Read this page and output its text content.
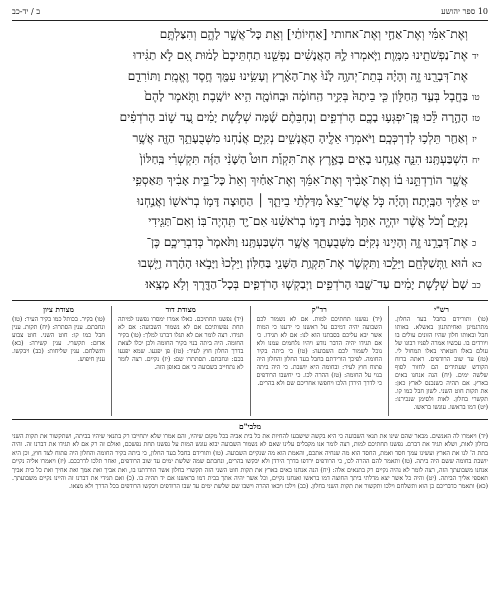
10 ספר יהושע
ב / יד-כב
וְאֶת־אִמִּ֡י וְאֶת־אַחַ֣י וְאֶת־אחותי [אַחְיוֹתַ֔י] וְאֵ֖ת כָּל־אֲשֶׁ֣ר לָהֶ֑ם וְהִצַּלְתֶּ֥ם
יד
אֶת־נַפְשֹׁתֵ֖ינוּ מִמָּֽוֶת׃ וַיֹּ֧אמְרוּ לָ֣הּ הָאֲנָשִׁ֗ים נַפְשֵׁ֤נוּ תַחְתֵּיכֶם֙ לָמ֔וּת אִ֚ם לֹ֣א תַגִּ֔ידוּ
אֶת־דְּבָרֵ֖נוּ זֶ֑ה וְהָיָ֗ה בְּתֵת־יְהוָ֥ה לָ֙נוּ֙ אֶת־הָאָ֔רֶץ וְעָשִׂ֥ינוּ עִמָּ֖ךְ חֶ֥סֶד וֶאֱמֶֽת׃ וַתּוֹרִדֵ֛ם
טו
בַּחֶ֖בֶל בְּעַ֣ד הַֽחַלּ֑וֹן כִּ֤י בֵיתָהּ֙ בְּקִ֣יר הַֽחוֹמָ֔ה וּבַֽחוֹמָ֖ה הִ֥יא יוֹשָֽׁבֶת׃ וַתֹּ֤אמֶר לָהֶם֙
טז
הָהָ֣רָה לֵּ֔כוּ פֶּֽן־יִפְגְּע֥וּ בָכֶ֖ם הָרֹדְפִ֑ים וְנַחְבֵּתֶ֨ם שָׁ֜מָּה שְׁלֹ֣שֶׁת יָמִ֗ים עַ֚ד שׁ֣וֹב הָרֹדְפִ֔ים
יז
וְאַחַ֖ר תֵּלְכ֥וּ לְדַרְכְּכֶֽם׃ וַיֹּאמְר֥וּ אֵלֶ֖יהָ הָאֲנָשִׁ֑ים נְקִיִּ֣ם אֲנַ֔חְנוּ מִשְּׁבֻעָתֵ֥ךְ הַזֶּ֖ה אֲשֶׁ֥ר
יח
הִשְׁבַּעְתָּֽנוּ׃ הִנֵּ֛ה אֲנַ֥חְנוּ בָאִ֖ים בָּאָ֑רֶץ אֶת־תִּקְוַ֡ת חוּט֩ הַשָּׁנִ֨י הַזֶּ֜ה תִּקְשְׁרִ֗י בַּֽחַלּוֹן֙
אֲשֶׁ֣ר הוֹרַדְתֵּ֣נוּ ב֔וֹ וְאֶת־אָבִ֨יךְ וְאֶת־אִמֵּ֜ךְ וְאֶת־אַחַ֗יִךְ וְאֵת֙ כָּל־בֵּ֣ית אָבִ֔יךְ תַּאַסְפִ֥י
יט
אֵלַ֖יִךְ הַבָּֽיְתָה׃ וְהָיָ֡ה כֹּ֣ל אֲשֶׁר־יֵצֵא֩ מִדַּלְתֵ֨י בֵיתֵ֧ךְ ׀ הַח֛וּצָה דָּמ֥וֹ בְרֹאשׁ֖וֹ וַאֲנַ֣חְנוּ
נְקִיִּ֑ם וְ֠כֹל אֲשֶׁ֨ר יִהְיֶ֤ה אִתָּךְ֙ בַּבַּ֔יִת דָּמ֣וֹ בְרֹאשֵׁ֔נוּ אִם־יָ֖ד תִּֽהְיֶה־בּֽוֹ׃ וְאִם־תַּגִּ֖ידִי
כ
אֶת־דְּבָרֵ֣נוּ זֶ֑ה וְהָיִ֣ינוּ נְקִיִּ֔ם מִשְּׁבֻעָתֵ֖ךְ אֲשֶׁ֥ר הִשְׁבַּעְתָּֽנוּ׃ וַתֹּ֙אמֶר֙ כְּדִבְרֵיכֶ֣ם כֶּן־
כא
ה֔וּא וַֽתְּשַׁלְּחֵ֖ם וַיֵּלֵ֑כוּ וַתִּקְשֹׁ֛ר אֶת־תִּקְוַ֥ת הַשָּׁנִ֖י בַּחַלּֽוֹן׃ וַיֵּלְכוּ֙ וַיָּבֹ֣אוּ הָהָ֔רָה וַיֵּ֤שְׁבוּ
כב
שָׁם֙ שְׁלֹ֣שֶׁת יָמִ֔ים עַד־שָׁ֖בוּ הָרֹדְפִ֑ים וַיְבַקְשׁ֧וּ הָרֹדְפִ֛ים בְּכָל־הַדֶּ֖רֶךְ וְלֹ֥א מָצָֽאוּ׃
רש"י
(טו) ותורידם בחבל בעד החלון. מתרגמינן ואחיתתנון באשלא. באותו חבל ובאותו חלון שהיו הזונים עולים בו ויורדים בו. עכשיו אמרה לפניו רבונו של עולם באלו חטאתי באלו תמחול לי. (טז) עד שוב הרודפים. ראתה ברוח הקודש שעתידים הם לחזור לסוף שלשה ימים. (יח) הנה אנחנו באים בארץ. אם תהיה כשנכנס לארץ כאן: את תקות חוט השני. לשון חבל כמו קו. תקשרי בחלון. לאות ולסימן שנכירנו: (יט) דמו בראשו. עונשו בראשו.
רד"ק
(יד) נפשנו תחתיכם למות. אם לא נשמור לכם השבועה יהיה דמיכם על ראשנו כי ידענו כי המות אשר יבא עליכם בסבתנו הוא לנו: אם לא תגידו. כי אם תגידו יהיה הדבר נודע ויהיו נלחמים עמנו ולא נוכל לשמור לכם השבועה: (טו) כי ביתה בקיר החומה. לפיכך הורידתם בחבל בעד החלון והחלון היה פתוח חוץ לעיר: ובחומה היא יושבת. כי היה ביתה בנוי על החומה: (טז) ההרה לכו. כי יחשבו הרודפים כי לדרך הירדן הלכו ויחפשו אחריכם שם ולא בהרים.
מצודת דוד
(יד) נפשנו תחתיכם. כאלו אמרו ימסרו נפשנו למיתה תחת נפשותיכם אם לא נשמור השבועה: אם לא תגידו. רצה לומר אם לא תגלו דברנו למלך: (טו) בקיר החומה. היה ביתה בנוי בקיר החומה ולכן יכלו לצאת בדרך החלון חוץ לעיר: (טז) פן יפגעו. שמא יפגעו בכם: ונחבתם. תסתתרו שם: (יז) נקיים. רצה לומר לא נתחייב בשבועה כי אם באופן הזה.
מצודת ציון
(טו) בקיר. בכותל כמו בקיר העיר: (טז) ונחבתם. ענין הסתרה: (יח) תקות. ענין חבל כמו קו: חוט השני. חוט צבוע אדום: תקשרי. ענין קשירה: (כא) ותשלחם. ענין שליחות: (כב) ויבקשו. ענין חיפוש.
מלבי"ם
(יד) ויאמרו לה האנשים. מבאר שהם שינו את תנאי השבועה כי היא בקשה שישבעו להחיות את כל בית אביה בכל מקום שיהיו, והם אמרו שלא יתחייבו רק בתנאי שיהיו בביתה, ושתקשור את תקות השני בחלון לאות, ושלא תגיד את דברם. נפשנו תחתיכם למות, רצה לומר אנו מקבלים עלינו שאם לא נשמור השבועה יבוא עונש המות על נפשנו תחת נפשכם, ואולם זה רק אם לא תגידו את דברנו זה. והיה בתת ה' לנו את הארץ ועשינו עמך חסד ואמת, החסד הוא מה שנחיה אתכם, והאמת הוא מה שנקיים השבועה. (טו) ותורידם בחבל בעד החלון, כי ביתה בקיר החומה והחלון היה פתוח לצד חוץ, וכן היא יושבת בחומה ששם היה ביתה. (טז) ותאמר להם ההרה לכו, כי הרודפים ירדפו בדרך הירדן ולא יבקשו בהרים, ונחבתם שמה שלשת ימים עד שוב הרודפים, ואחר תלכו לדרככם. (יז) ויאמרו אליה נקיים אנחנו משבועתך הזה, רצה לומר לא נהיה נקיים רק בתנאים אלה: (יח) הנה אנחנו באים בארץ את תקות חוט השני הזה תקשרי בחלון אשר הורדתנו בו, ואת אביך ואת אמך ואת אחיך ואת כל בית אביך תאספי אליך הביתה. (יט) והיה כל אשר יצא מדלתי ביתך החוצה דמו בראשו ואנחנו נקיים, וכל אשר יהיה אתך בבית דמו בראשנו אם יד תהיה בו. (כ) ואם תגידי את דברנו זה והיינו נקיים משבועתך. (כא) ותאמר כדבריכם כן הוא ותשלחם וילכו ותקשור את תקות השני בחלון. (כב) וילכו ויבאו ההרה וישבו שם שלשת ימים עד שבו הרודפים ויבקשו הרודפים בכל הדרך ולא מצאו.
